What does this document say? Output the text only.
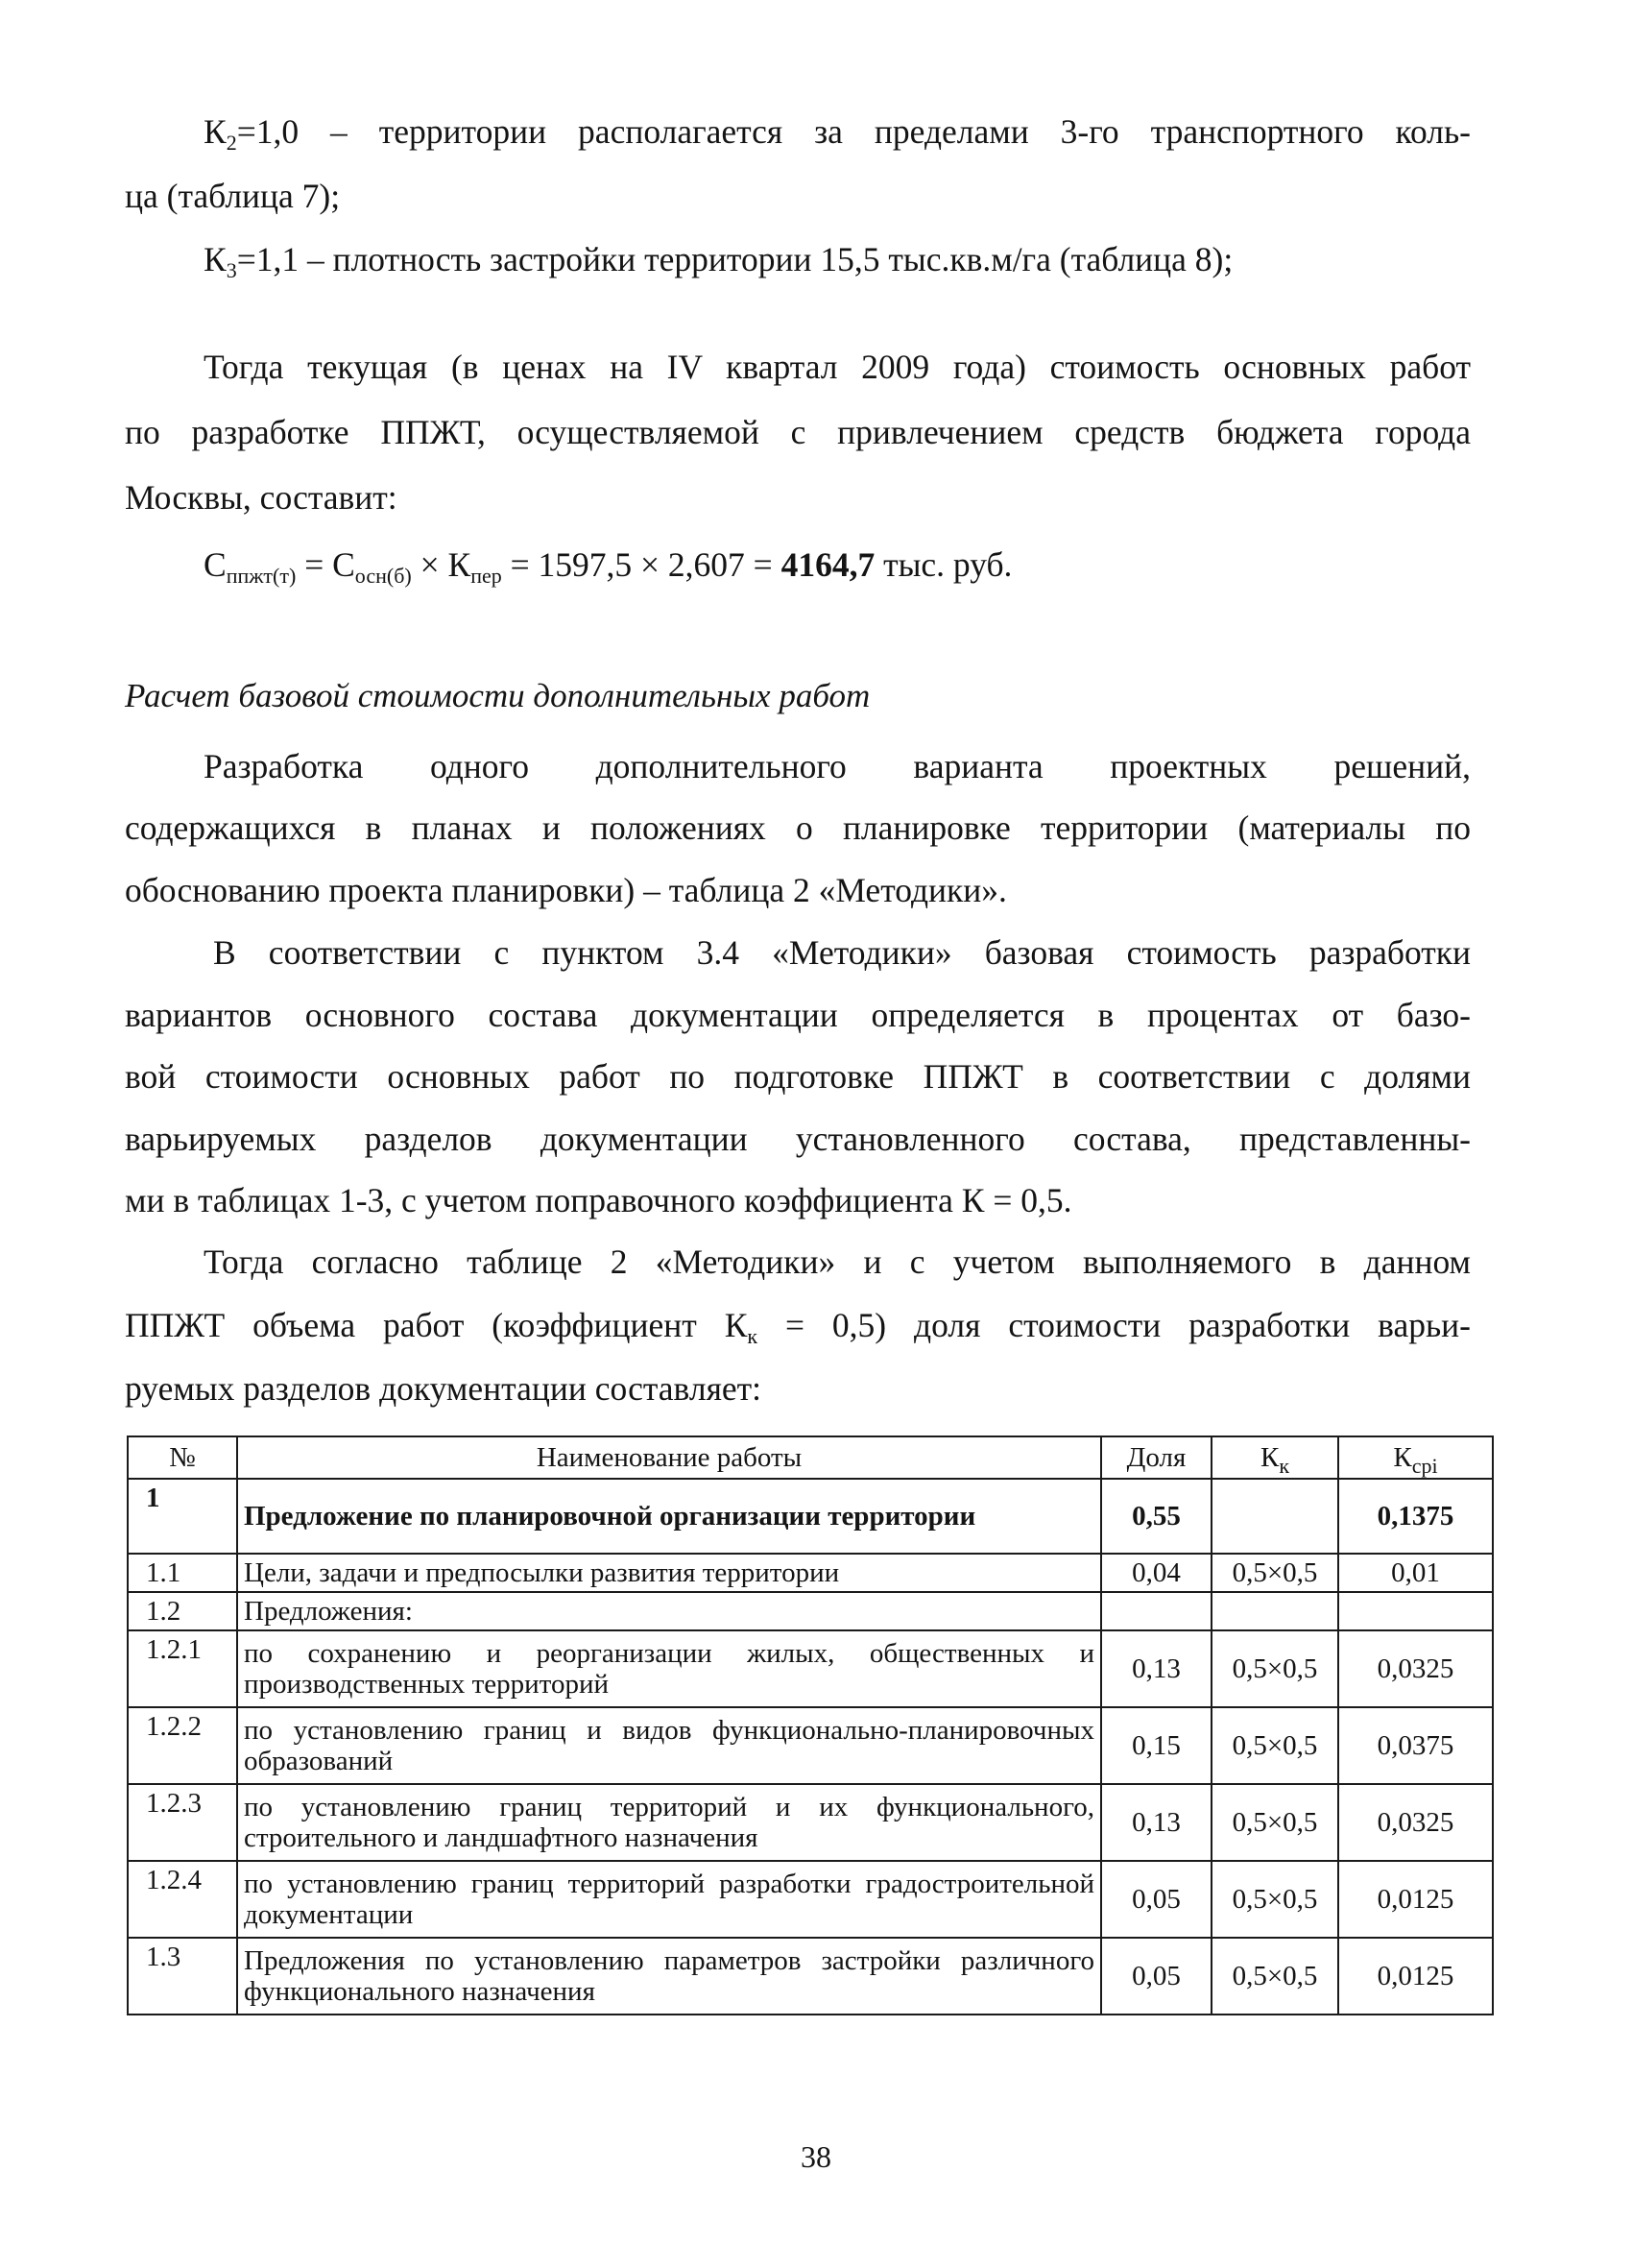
$К_2=1,0$ – территории располагается за пределами 3-го транспортного коль-
ца (таблица 7);
$К_3=1,1$ – плотность застройки территории 15,5 тыс.кв.м/га (таблица 8);
Тогда текущая (в ценах на IV квартал 2009 года) стоимость основных работ
по разработке ППЖТ, осуществляемой с привлечением средств бюджета города
Москвы, составит:
$С_{ппжт(т)} = С_{осн(б)} \times К_{пер} = 1597,5 \times 2,607 = 4164,7$ тыс. руб.
Расчет базовой стоимости дополнительных работ
Разработка одного дополнительного варианта проектных решений,
содержащихся в планах и положениях о планировке территории (материалы по
обоснованию проекта планировки) – таблица 2 «Методики».
В соответствии с пунктом 3.4 «Методики» базовая стоимость разработки
вариантов основного состава документации определяется в процентах от базо-
вой стоимости основных работ по подготовке ППЖТ в соответствии с долями
варьируемых разделов документации установленного состава, представленны-
ми в таблицах 1-3, с учетом поправочного коэффициента К = 0,5.
Тогда согласно таблице 2 «Методики» и с учетом выполняемого в данном
ППЖТ объема работ (коэффициент $К_к = 0,5$) доля стоимости разработки варьи-
руемых разделов документации составляет:
№	Наименование работы	Доля	$К_к$	$К_{срі}$
1	Предложение по планировочной организации территории	0,55		0,1375
1.1	Цели, задачи и предпосылки развития территории	0,04	0,5×0,5	0,01
1.2	Предложения:			
1.2.1	по сохранению и реорганизации жилых, общественных и производственных территорий	0,13	0,5×0,5	0,0325
1.2.2	по установлению границ и видов функционально-планировочных образований	0,15	0,5×0,5	0,0375
1.2.3	по установлению границ территорий и их функционального, строительного и ландшафтного назначения	0,13	0,5×0,5	0,0325
1.2.4	по установлению границ территорий разработки градостроительной документации	0,05	0,5×0,5	0,0125
1.3	Предложения по установлению параметров застройки различного функционального назначения	0,05	0,5×0,5	0,0125
38
